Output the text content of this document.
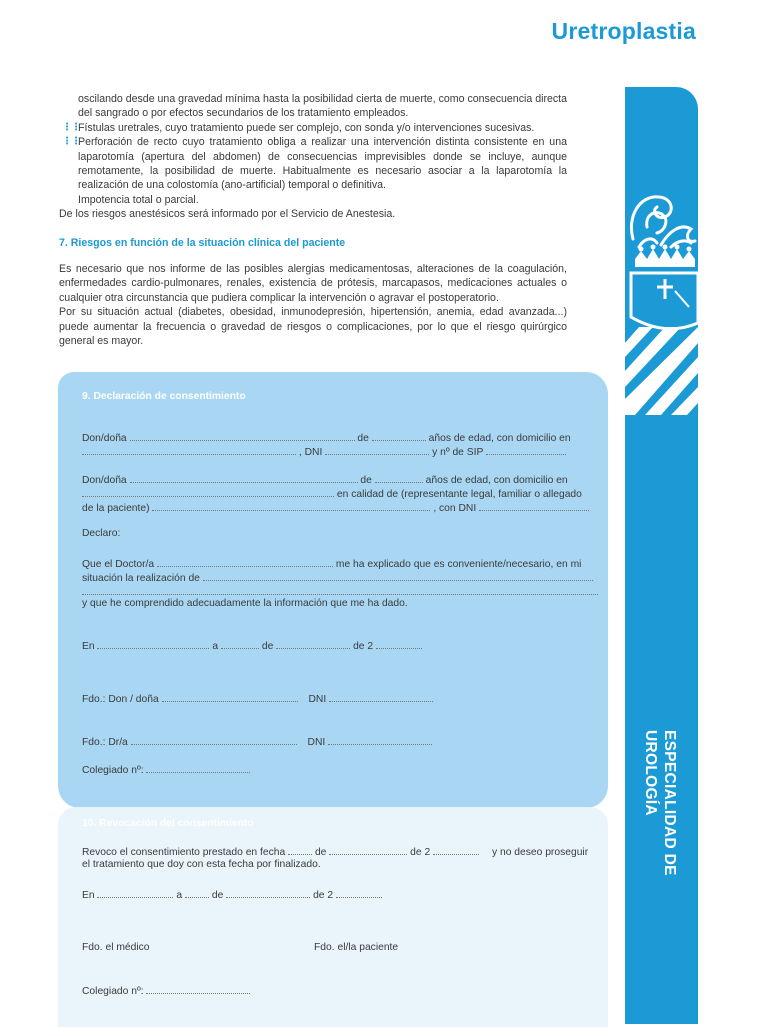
Uretroplastia
ESPECIALIDAD DE
UROLOGÍA

oscilando desde una gravedad mínima hasta la posibilidad cierta de muerte, como consecuencia directa del sangrado o por efectos secundarios de los tratamiento empleados.

⋮⋮
Fístulas uretrales, cuyo tratamiento puede ser complejo, con sonda y/o intervenciones sucesivas.

⋮⋮
Perforación de recto cuyo tratamiento obliga a realizar una intervención distinta consistente en una laparotomía (apertura del abdomen) de consecuencias imprevisibles donde se incluye, aunque remotamente, la posibilidad de muerte. Habitualmente es necesario asociar a la laparotomía la realización de una colostomía (ano-artificial) temporal o definitiva.

Impotencia total o parcial.

De los riesgos anestésicos será informado por el Servicio de Anestesia.

7. Riesgos en función de la situación clínica del paciente

Es necesario que nos informe de las posibles alergias medicamentosas, alteraciones de la coagulación, enfermedades cardio-pulmonares, renales, existencia de prótesis, marcapasos, medicaciones actuales o cualquier otra circunstancia que pudiera complicar la intervención o agravar el postoperatorio.

Por su situación actual (diabetes, obesidad, inmunodepresión, hipertensión, anemia, edad avanzada...) puede aumentar la frecuencia o gravedad de riesgos o complicaciones, por lo que el riesgo quirúrgico general es mayor.

9. Declaración de consentimiento
Don/doña	de	años de edad, con domicilio en
, DNI	y nº de SIP
Don/doña	de	años de edad, con domicilio en
en calidad de (representante legal, familiar o allegado
de la paciente)	, con DNI
Declaro:
Que el Doctor/a	me ha explicado que es conveniente/necesario, en mi
situación la realización de
y que he comprendido adecuadamente la información que me ha dado.
En	a	de	de 2
Fdo.: Don / doña	DNI
Fdo.: Dr/a	DNI
Colegiado nº:
10. Revocación del consentimiento
Revoco el consentimiento prestado en fecha	de	de 2	y no deseo proseguir
el tratamiento que doy con esta fecha por finalizado.
En	a	de	de 2
Fdo. el médico	Fdo. el/la paciente
Colegiado nº:
